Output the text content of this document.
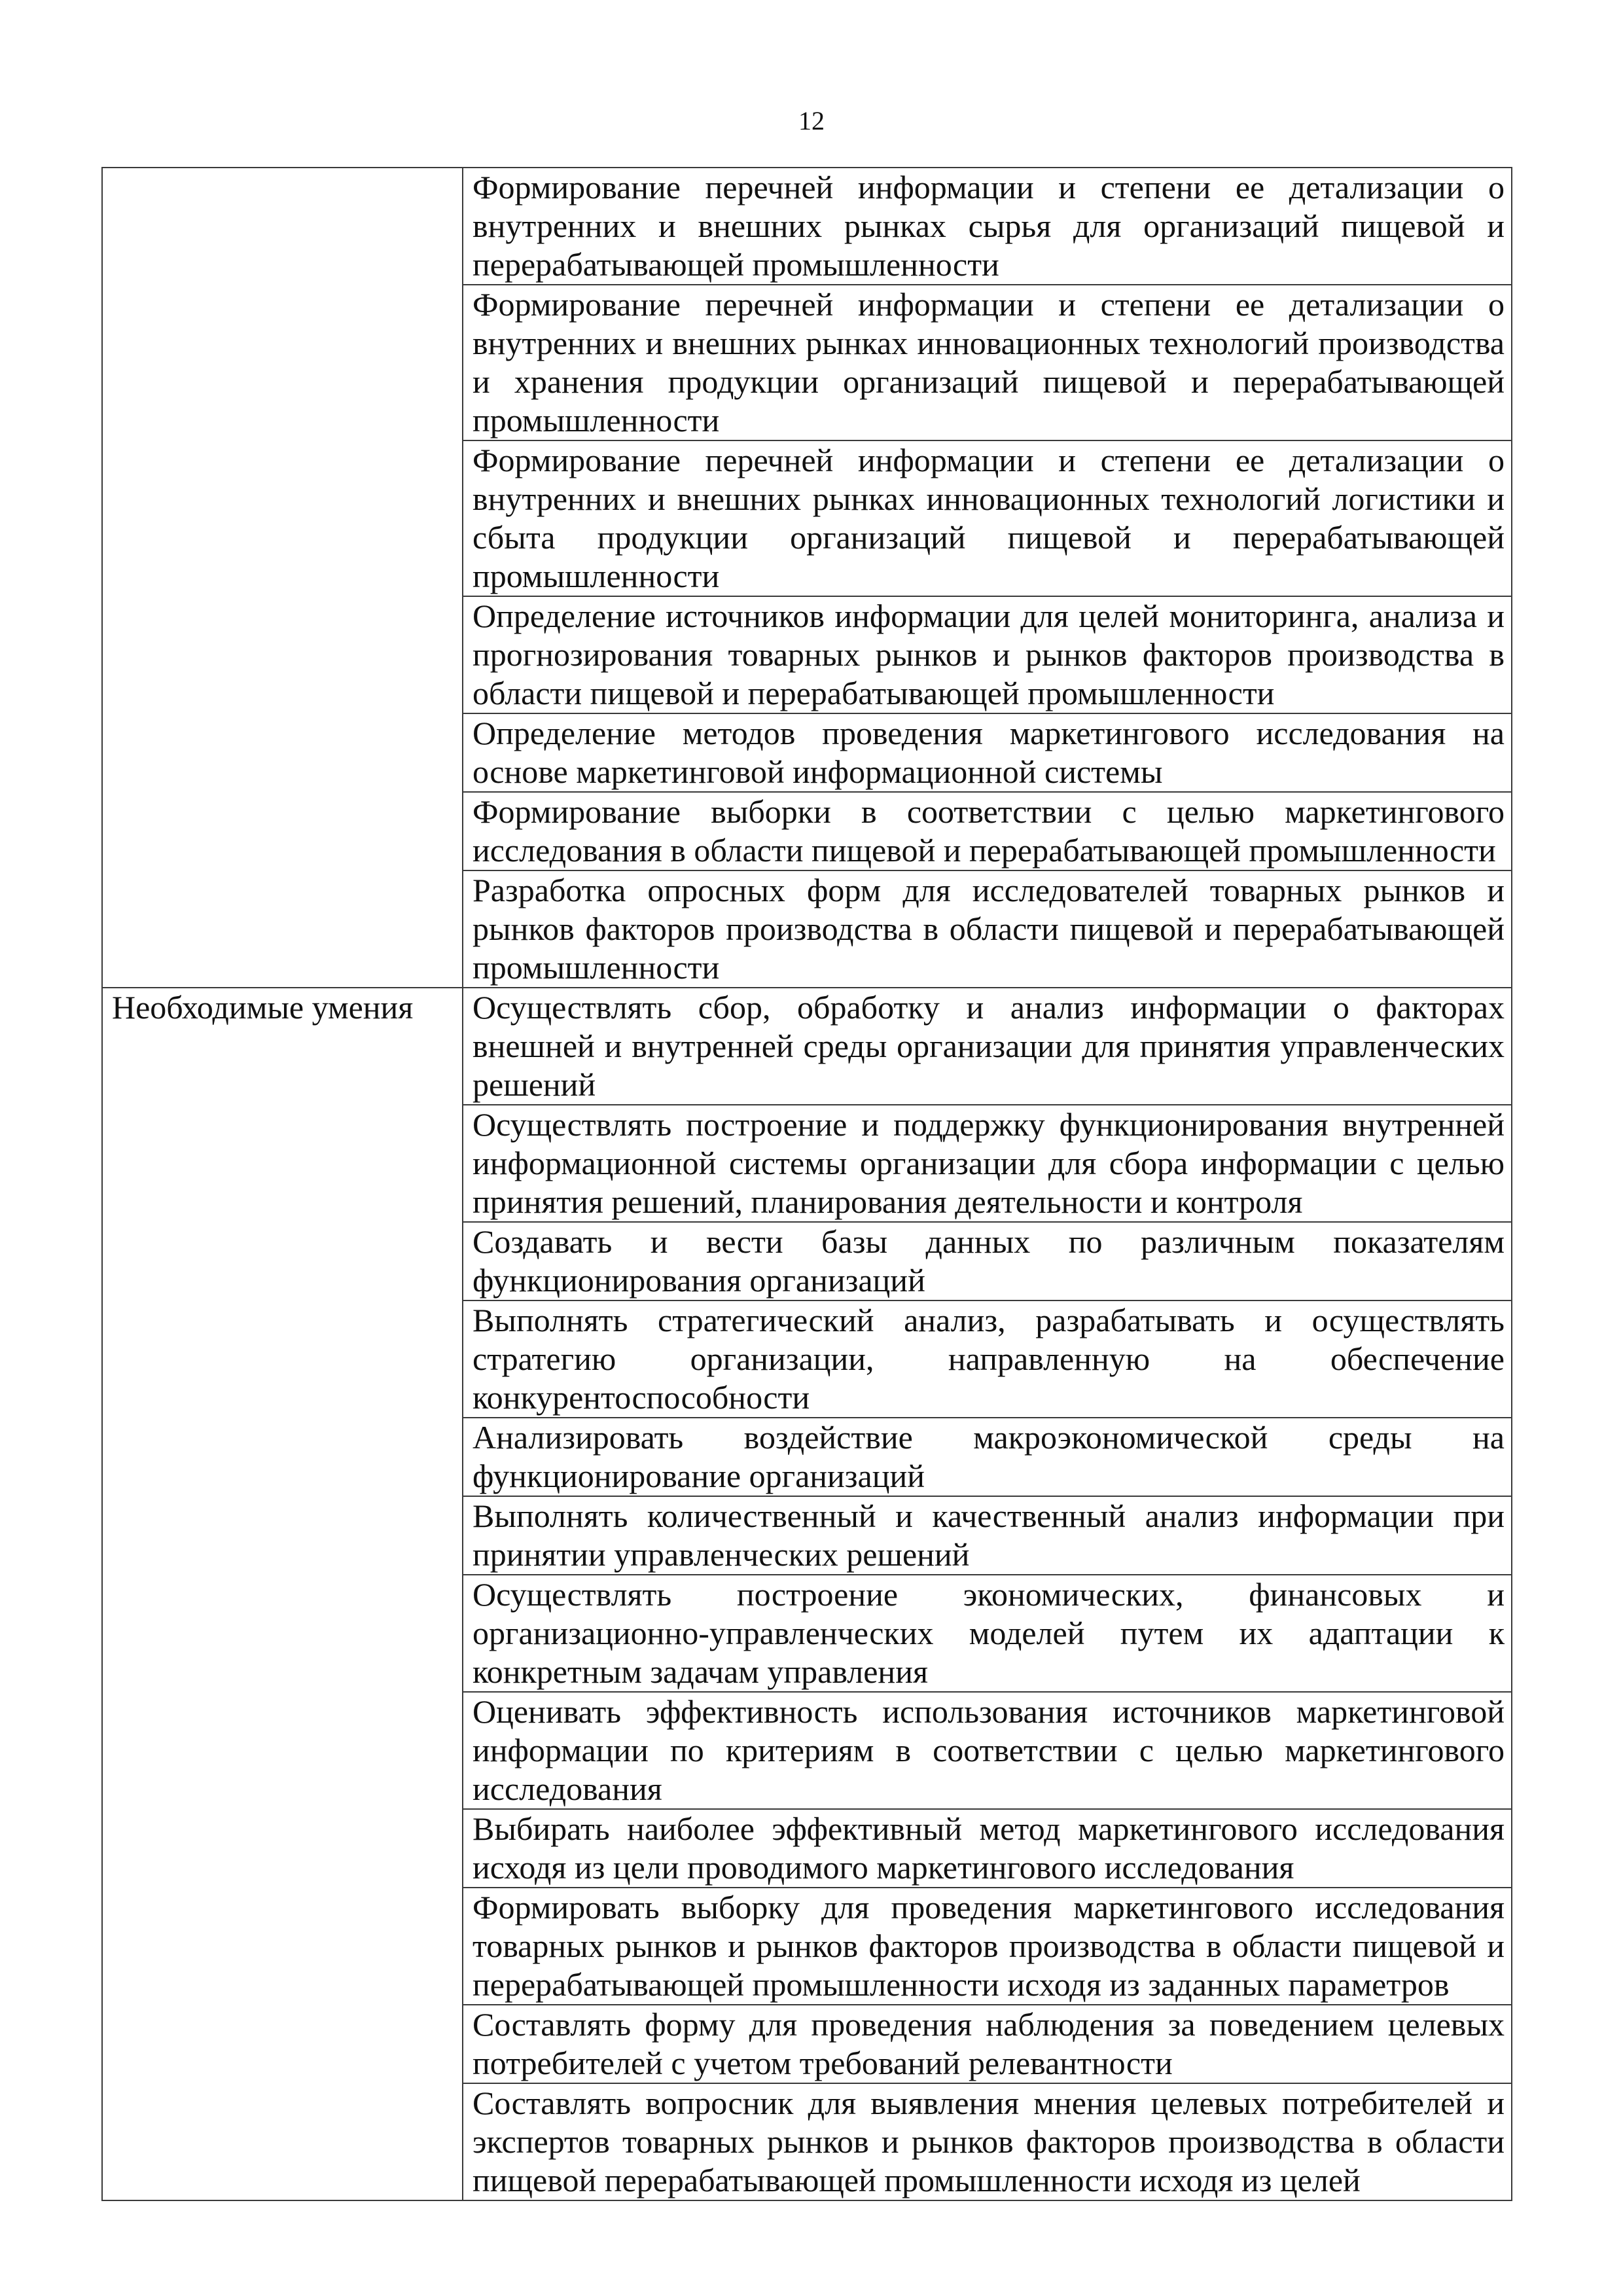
12
	Формирование перечней информации и степени ее детализации о внутренних и внешних рынках сырья для организаций пищевой и перерабатывающей промышленности
	Формирование перечней информации и степени ее детализации о внутренних и внешних рынках инновационных технологий производства и хранения продукции организаций пищевой и перерабатывающей промышленности
	Формирование перечней информации и степени ее детализации о внутренних и внешних рынках инновационных технологий логистики и сбыта продукции организаций пищевой и перерабатывающей промышленности
	Определение источников информации для целей мониторинга, анализа и прогнозирования товарных рынков и рынков факторов производства в области пищевой и перерабатывающей промышленности
	Определение методов проведения маркетингового исследования на основе маркетинговой информационной системы
	Формирование выборки в соответствии с целью маркетингового исследования в области пищевой и перерабатывающей промышленности
	Разработка опросных форм для исследователей товарных рынков и рынков факторов производства в области пищевой и перерабатывающей промышленности
Необходимые умения	Осуществлять сбор, обработку и анализ информации о факторах внешней и внутренней среды организации для принятия управленческих решений
	Осуществлять построение и поддержку функционирования внутренней информационной системы организации для сбора информации с целью принятия решений, планирования деятельности и контроля
	Создавать и вести базы данных по различным показателям функционирования организаций
	Выполнять стратегический анализ, разрабатывать и осуществлять стратегию организации, направленную на обеспечение конкурентоспособности
	Анализировать воздействие макроэкономической среды на функционирование организаций
	Выполнять количественный и качественный анализ информации при принятии управленческих решений
	Осуществлять построение экономических, финансовых и организационно-управленческих моделей путем их адаптации к конкретным задачам управления
	Оценивать эффективность использования источников маркетинговой информации по критериям в соответствии с целью маркетингового исследования
	Выбирать наиболее эффективный метод маркетингового исследования исходя из цели проводимого маркетингового исследования
	Формировать выборку для проведения маркетингового исследования товарных рынков и рынков факторов производства в области пищевой и перерабатывающей промышленности исходя из заданных параметров
	Составлять форму для проведения наблюдения за поведением целевых потребителей с учетом требований релевантности
	Составлять вопросник для выявления мнения целевых потребителей и экспертов товарных рынков и рынков факторов производства в области пищевой перерабатывающей промышленности исходя из целей
